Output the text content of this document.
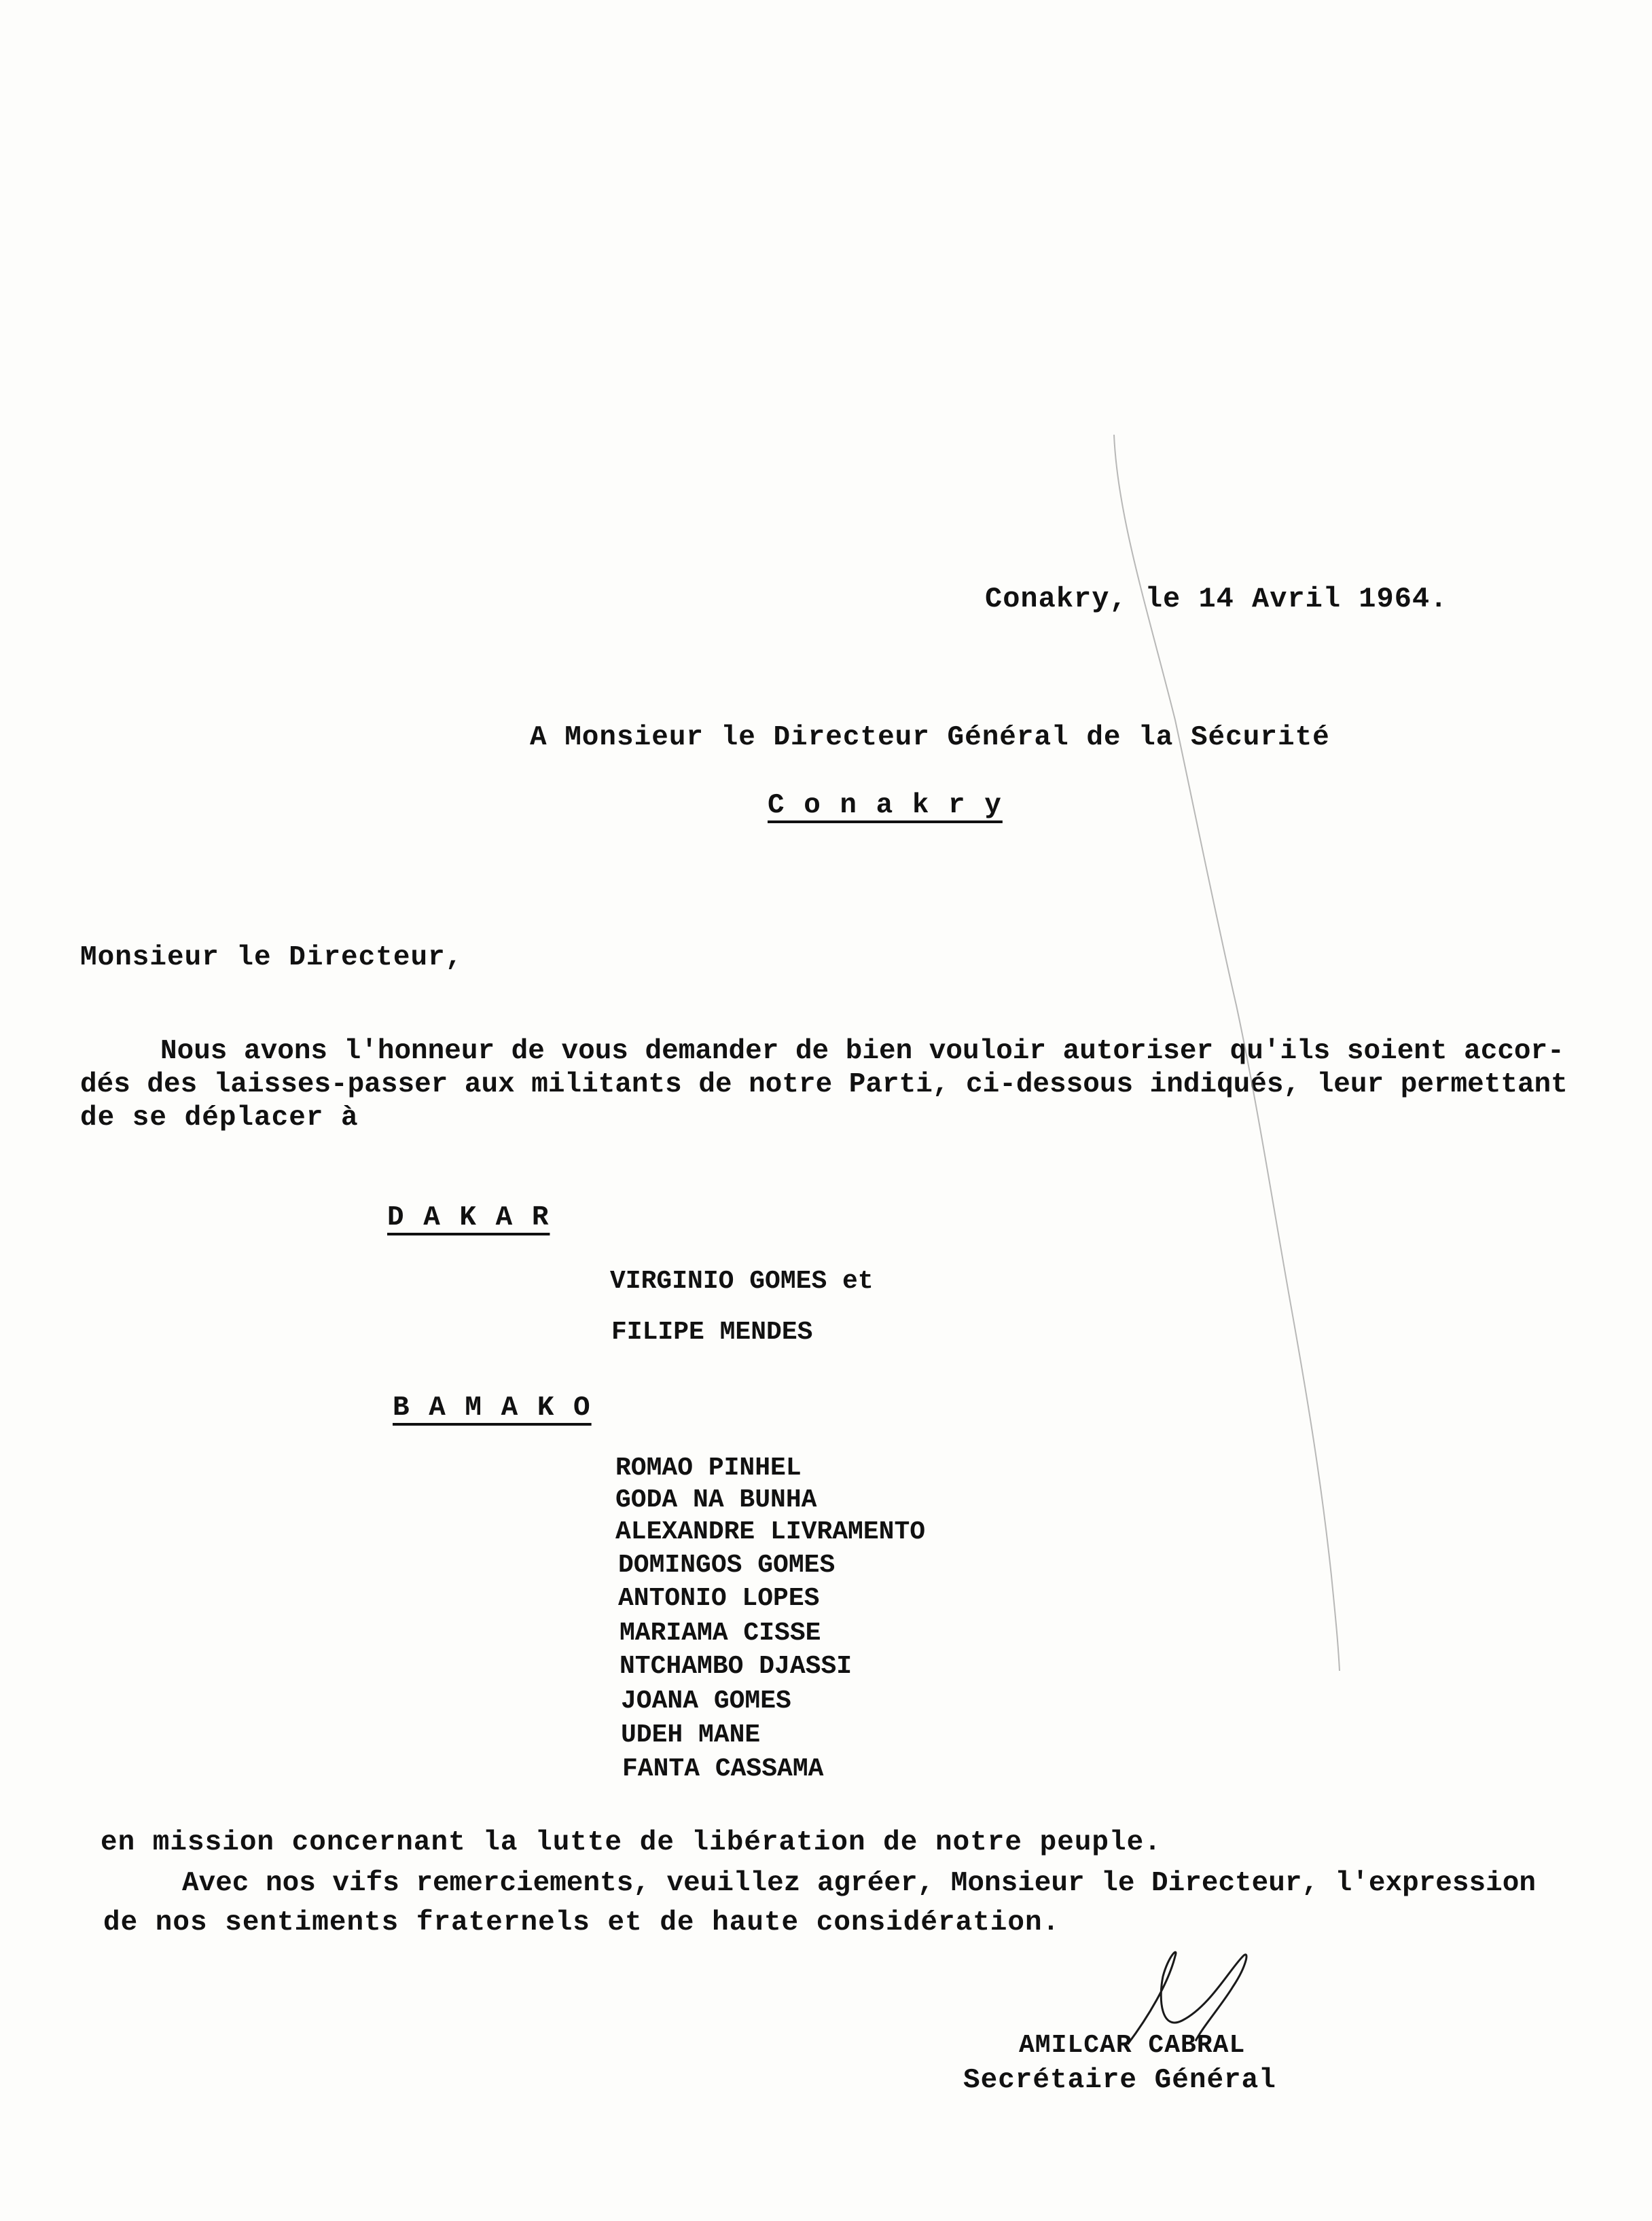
Conakry, le 14 Avril 1964.
A Monsieur le Directeur Général de la Sécurité
C o n a k r y
Monsieur le Directeur,
Nous avons l'honneur de vous demander de bien vouloir autoriser qu'ils soient accor-
dés des laisses-passer aux militants de notre Parti, ci-dessous indiqués, leur permettant
de se déplacer à
D A K A R
VIRGINIO GOMES et
FILIPE MENDES
B A M A K O
ROMAO PINHEL
GODA NA BUNHA
ALEXANDRE LIVRAMENTO
DOMINGOS GOMES
ANTONIO LOPES
MARIAMA CISSE
NTCHAMBO DJASSI
JOANA GOMES
UDEH MANE
FANTA CASSAMA
en mission concernant la lutte de libération de notre peuple.
Avec nos vifs remerciements, veuillez agréer, Monsieur le Directeur, l'expression
de nos sentiments fraternels et de haute considération.
AMILCAR CABRAL
Secrétaire Général
